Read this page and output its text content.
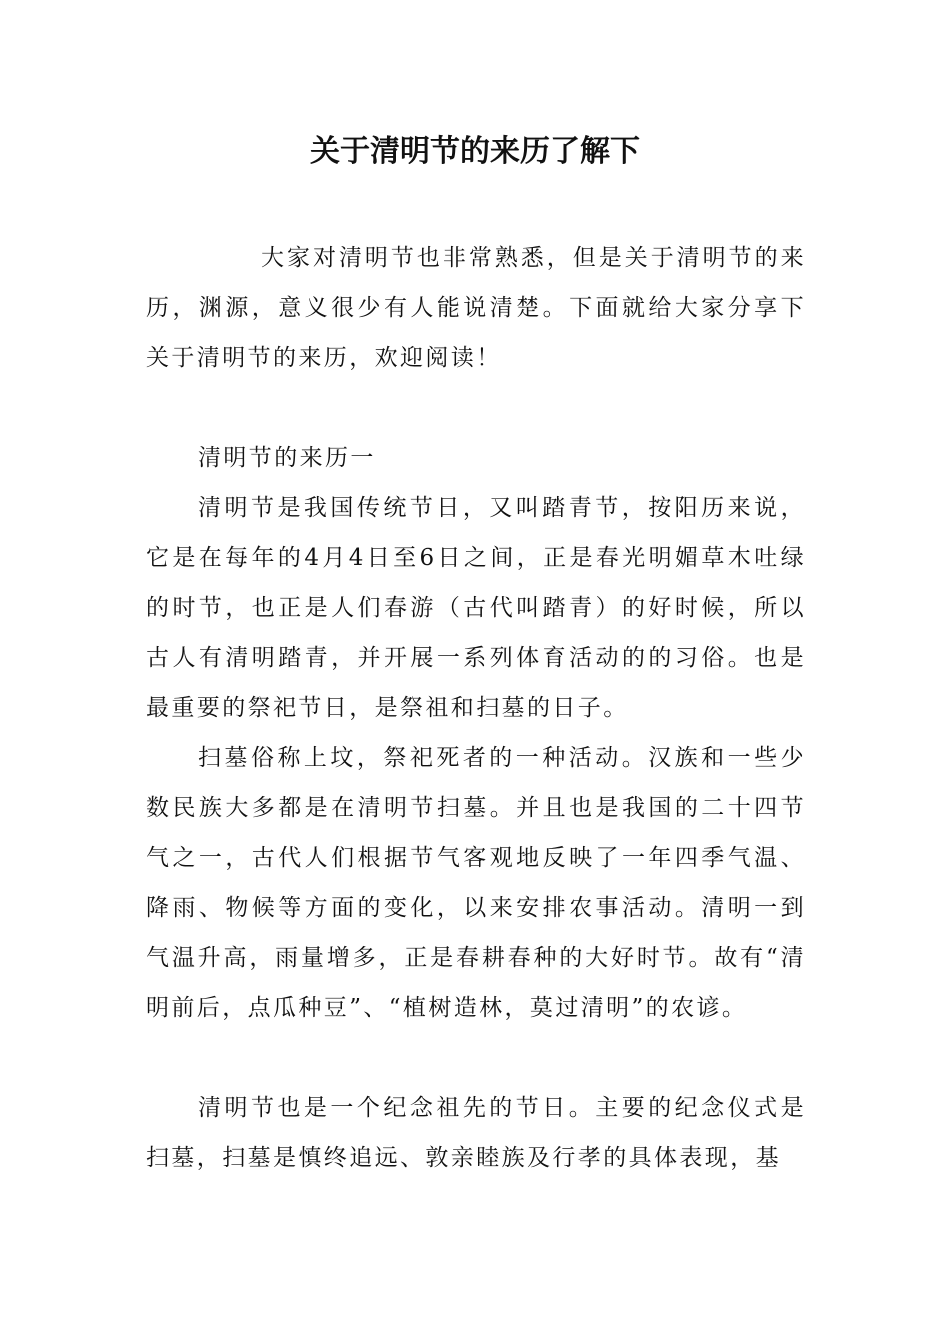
关于清明节的来历了解下

大家对清明节也非常熟悉，但是关于清明节的来历，渊源，意义很少有人能说清楚。下面就给大家分享下关于清明节的来历，欢迎阅读！

清明节的来历一

清明节是我国传统节日，又叫踏青节，按阳历来说，它是在每年的4月4日至6日之间，正是春光明媚草木吐绿的时节，也正是人们春游（古代叫踏青）的好时候，所以古人有清明踏青，并开展一系列体育活动的的习俗。也是最重要的祭祀节日，是祭祖和扫墓的日子。

扫墓俗称上坟，祭祀死者的一种活动。汉族和一些少数民族大多都是在清明节扫墓。并且也是我国的二十四节气之一，古代人们根据节气客观地反映了一年四季气温、降雨、物候等方面的变化，以来安排农事活动。清明一到气温升高，雨量增多，正是春耕春种的大好时节。故有“清明前后，点瓜种豆”、“植树造林，莫过清明”的农谚。

清明节也是一个纪念祖先的节日。主要的纪念仪式是扫墓，扫墓是慎终追远、敦亲睦族及行孝的具体表现，基
